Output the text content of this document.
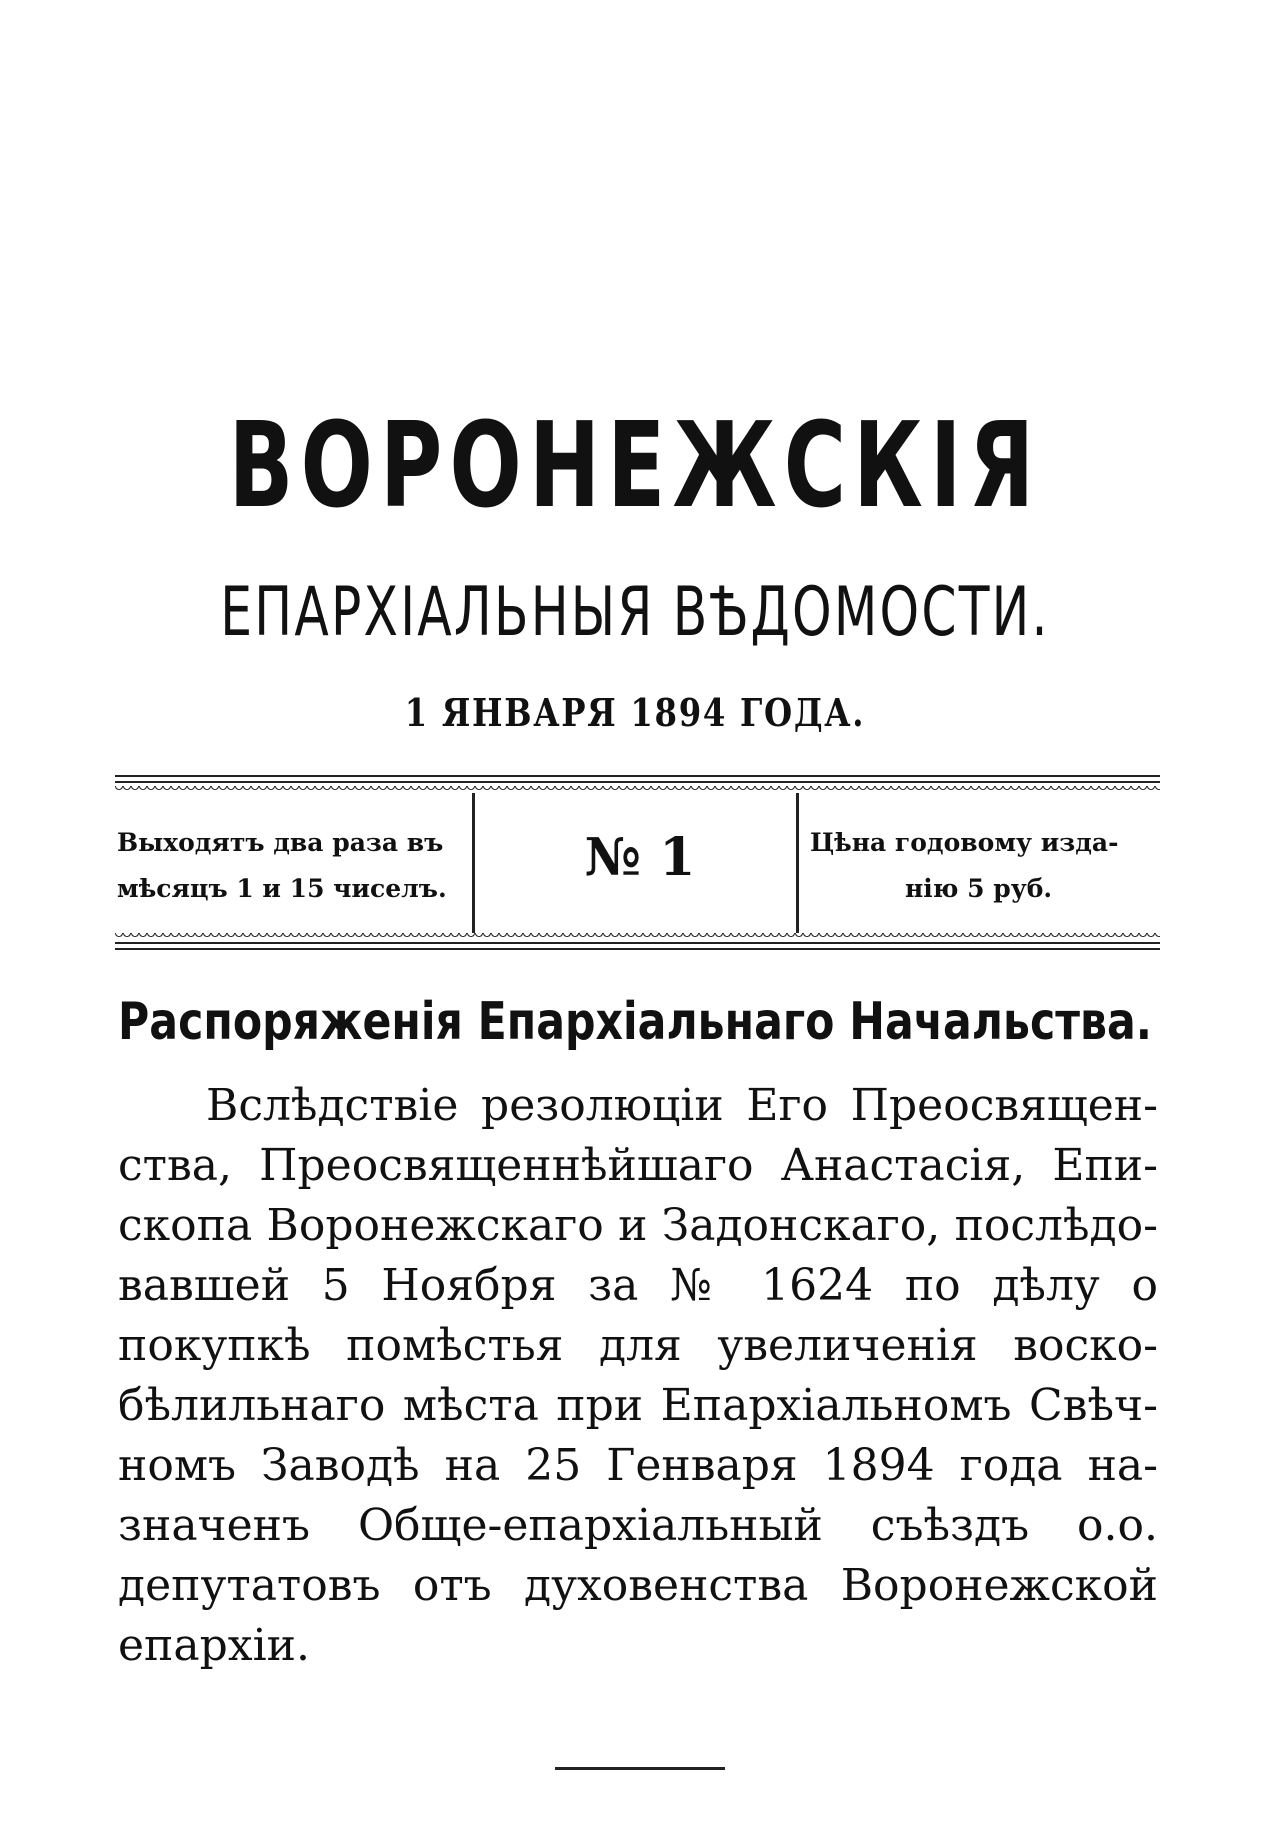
ВОРОНЕЖСКІЯ
ЕПАРХІАЛЬНЫЯ ВѢДОМОСТИ.
1 ЯНВАРЯ 1894 ГОДА.
Выходятъ два раза въ
мѣсяцъ 1 и 15 чиселъ.
№ 1	Цѣна годовому изда-
нію 5 руб.
Распоряженія Епархіальнаго Начальства.
Вслѣдствіе резолюціи Его Преосвящен-
ства, Преосвященнѣйшаго Анастасія, Епи-
скопа Воронежскаго и Задонскаго, послѣдо-
вавшей 5 Ноября за № 1624 по дѣлу о
покупкѣ помѣстья для увеличенія воско-
бѣлильнаго мѣста при Епархіальномъ Свѣч-
номъ Заводѣ на 25 Генваря 1894 года на-
значенъ Обще-епархіальный съѣздъ о.о.
депутатовъ отъ духовенства Воронежской
епархіи.
